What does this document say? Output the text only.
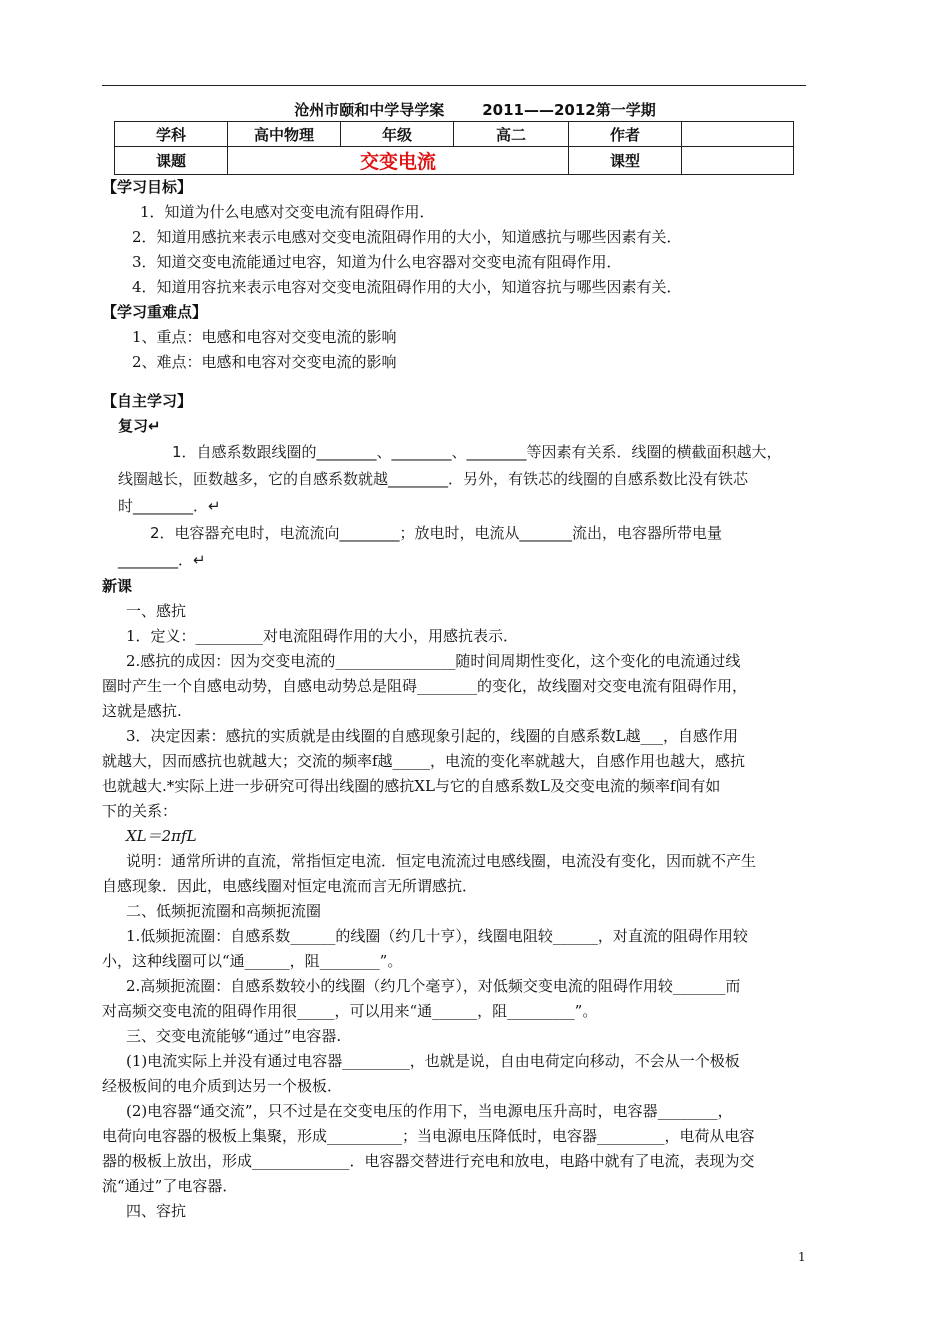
沧州市颐和中学导学案	2011——2012第一学期
学科	高中物理	年级	高二	作者	
课题	交变电流			课型	

【学习目标】

1．知道为什么电感对交变电流有阻碍作用．

2．知道用感抗来表示电感对交变电流阻碍作用的大小，知道感抗与哪些因素有关．

3．知道交变电流能通过电容，知道为什么电容器对交变电流有阻碍作用．

4．知道用容抗来表示电容对交变电流阻碍作用的大小，知道容抗与哪些因素有关．

【学习重难点】

1、重点：电感和电容对交变电流的影响

2、难点：电感和电容对交变电流的影响

【自主学习】

复习↵

1．自感系数跟线圈的________、________、________等因素有关系．线圈的横截面积越大，

线圈越长，匝数越多，它的自感系数就越________．另外，有铁芯的线圈的自感系数比没有铁芯

时________．↵

2．电容器充电时，电流流向________；放电时，电流从_______流出，电容器所带电量

________．↵

新课

一、感抗

1．定义：_________对电流阻碍作用的大小，用感抗表示．

2.感抗的成因：因为交变电流的________________随时间周期性变化，这个变化的电流通过线

圈时产生一个自感电动势，自感电动势总是阻碍________的变化，故线圈对交变电流有阻碍作用，

这就是感抗.

3．决定因素：感抗的实质就是由线圈的自感现象引起的，线圈的自感系数L越___，自感作用

就越大，因而感抗也就越大；交流的频率f越_____，电流的变化率就越大，自感作用也越大，感抗

也就越大.*实际上进一步研究可得出线圈的感抗XL与它的自感系数L及交变电流的频率f间有如

下的关系：

XL＝2πfL

说明：通常所讲的直流，常指恒定电流．恒定电流流过电感线圈，电流没有变化，因而就不产生

自感现象．因此，电感线圈对恒定电流而言无所谓感抗．

二、低频扼流圈和高频扼流圈

1.低频扼流圈：自感系数______的线圈（约几十亨），线圈电阻较______，对直流的阻碍作用较

小，这种线圈可以“通______，阻________”。

2.高频扼流圈：自感系数较小的线圈（约几个毫亨），对低频交变电流的阻碍作用较_______而

对高频交变电流的阻碍作用很_____，可以用来“通______，阻_________”。

三、交变电流能够“通过”电容器.

(1)电流实际上并没有通过电容器_________，也就是说，自由电荷定向移动，不会从一个极板

经极板间的电介质到达另一个极板．

(2)电容器“通交流”，只不过是在交变电压的作用下，当电源电压升高时，电容器________，

电荷向电容器的极板上集聚，形成__________；当电源电压降低时，电容器_________，电荷从电容

器的极板上放出，形成_____________．电容器交替进行充电和放电，电路中就有了电流，表现为交

流“通过”了电容器．

四、容抗

1
